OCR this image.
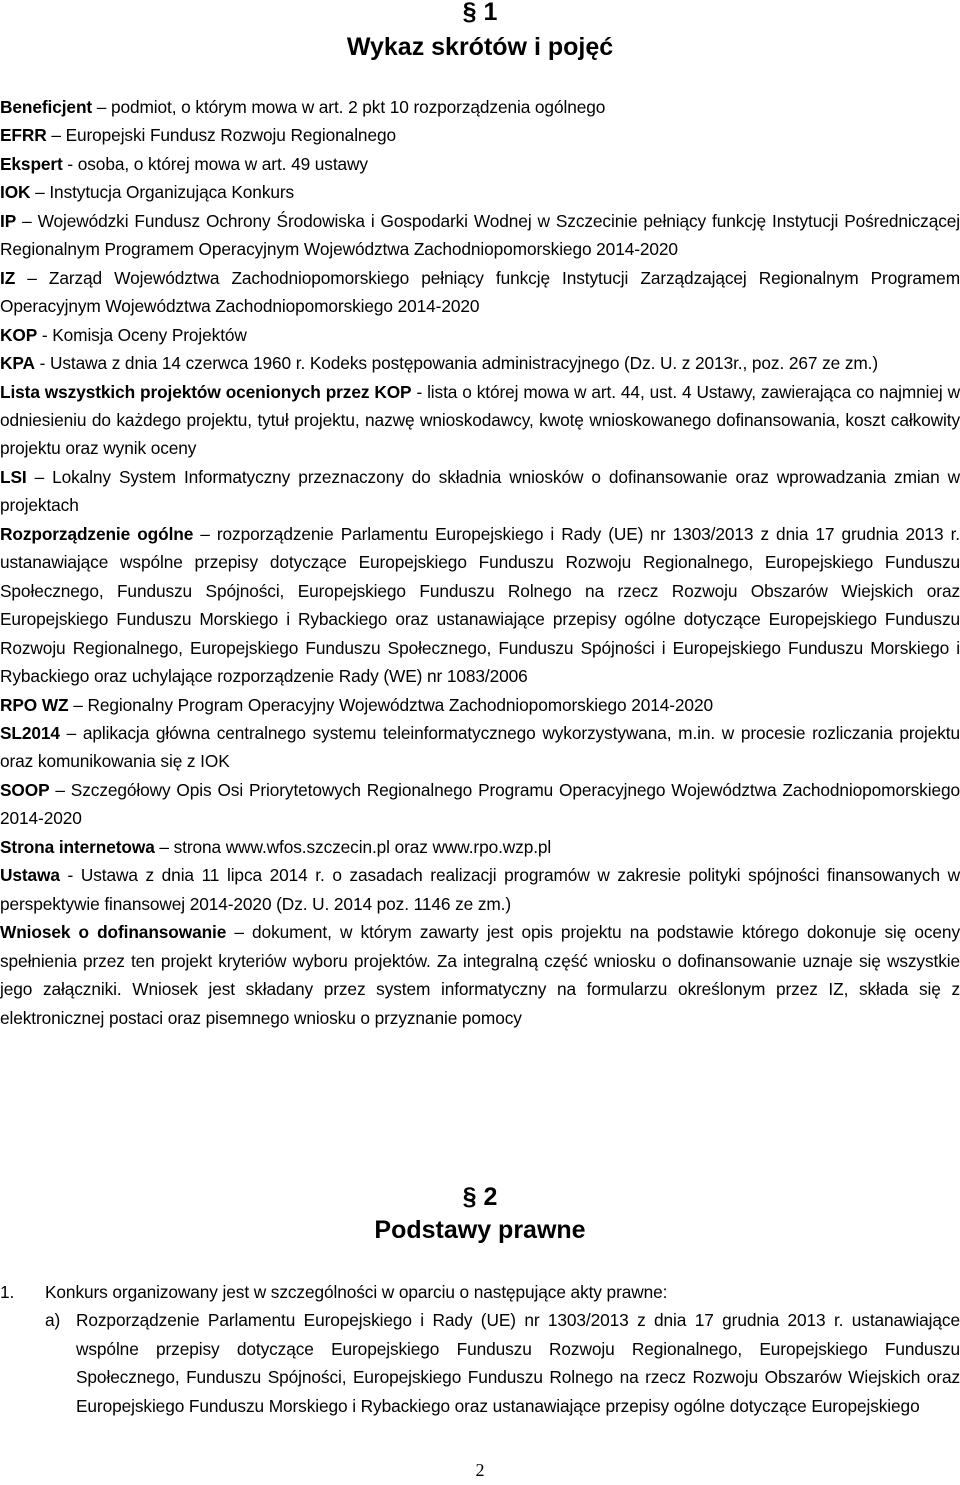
§ 1
Wykaz skrótów i pojęć
Beneficjent – podmiot, o którym mowa w art. 2 pkt 10 rozporządzenia ogólnego
EFRR – Europejski Fundusz Rozwoju Regionalnego
Ekspert - osoba, o której mowa w art. 49 ustawy
IOK – Instytucja Organizująca Konkurs
IP – Wojewódzki Fundusz Ochrony Środowiska i Gospodarki Wodnej w Szczecinie pełniący funkcję Instytucji Pośredniczącej Regionalnym Programem Operacyjnym Województwa Zachodniopomorskiego 2014-2020
IZ – Zarząd Województwa Zachodniopomorskiego pełniący funkcję Instytucji Zarządzającej Regionalnym Programem Operacyjnym Województwa Zachodniopomorskiego 2014-2020
KOP - Komisja Oceny Projektów
KPA - Ustawa z dnia 14 czerwca 1960 r. Kodeks postępowania administracyjnego (Dz. U. z 2013r., poz. 267 ze zm.)
Lista wszystkich projektów ocenionych przez KOP - lista o której mowa w art. 44, ust. 4 Ustawy, zawierająca co najmniej w odniesieniu do każdego projektu, tytuł projektu, nazwę wnioskodawcy, kwotę wnioskowanego dofinansowania, koszt całkowity projektu oraz wynik oceny
LSI – Lokalny System Informatyczny przeznaczony do składnia wniosków o dofinansowanie oraz wprowadzania zmian w projektach
Rozporządzenie ogólne – rozporządzenie Parlamentu Europejskiego i Rady (UE) nr 1303/2013 z dnia 17 grudnia 2013 r. ustanawiające wspólne przepisy dotyczące Europejskiego Funduszu Rozwoju Regionalnego, Europejskiego Funduszu Społecznego, Funduszu Spójności, Europejskiego Funduszu Rolnego na rzecz Rozwoju Obszarów Wiejskich oraz Europejskiego Funduszu Morskiego i Rybackiego oraz ustanawiające przepisy ogólne dotyczące Europejskiego Funduszu Rozwoju Regionalnego, Europejskiego Funduszu Społecznego, Funduszu Spójności i Europejskiego Funduszu Morskiego i Rybackiego oraz uchylające rozporządzenie Rady (WE) nr 1083/2006
RPO WZ – Regionalny Program Operacyjny Województwa Zachodniopomorskiego 2014-2020
SL2014 – aplikacja główna centralnego systemu teleinformatycznego wykorzystywana, m.in. w procesie rozliczania projektu oraz komunikowania się z IOK
SOOP – Szczegółowy Opis Osi Priorytetowych Regionalnego Programu Operacyjnego Województwa Zachodniopomorskiego 2014-2020
Strona internetowa – strona www.wfos.szczecin.pl oraz www.rpo.wzp.pl
Ustawa - Ustawa z dnia 11 lipca 2014 r. o zasadach realizacji programów w zakresie polityki spójności finansowanych w perspektywie finansowej 2014-2020 (Dz. U. 2014 poz. 1146 ze zm.)
Wniosek o dofinansowanie – dokument, w którym zawarty jest opis projektu na podstawie którego dokonuje się oceny spełnienia przez ten projekt kryteriów wyboru projektów. Za integralną część wniosku o dofinansowanie uznaje się wszystkie jego załączniki. Wniosek jest składany przez system informatyczny na formularzu określonym przez IZ, składa się z elektronicznej postaci oraz pisemnego wniosku o przyznanie pomocy
§ 2
Podstawy prawne
1.	Konkurs organizowany jest w szczególności w oparciu o następujące akty prawne:
a) Rozporządzenie Parlamentu Europejskiego i Rady (UE) nr 1303/2013 z dnia 17 grudnia 2013 r. ustanawiające wspólne przepisy dotyczące Europejskiego Funduszu Rozwoju Regionalnego, Europejskiego Funduszu Społecznego, Funduszu Spójności, Europejskiego Funduszu Rolnego na rzecz Rozwoju Obszarów Wiejskich oraz Europejskiego Funduszu Morskiego i Rybackiego oraz ustanawiające przepisy ogólne dotyczące Europejskiego
2
